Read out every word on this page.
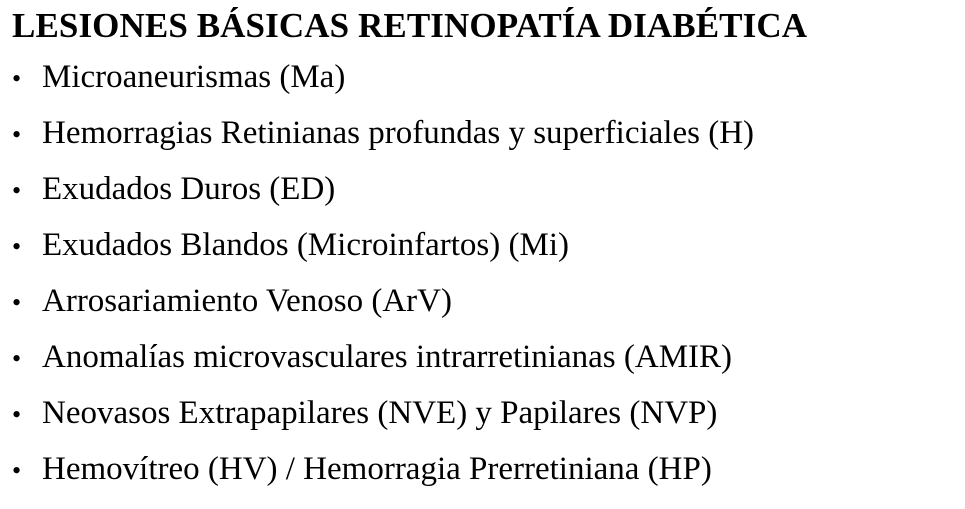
LESIONES BÁSICAS RETINOPATÍA DIABÉTICA
• Microaneurismas (Ma)
• Hemorragias Retinianas profundas y superficiales (H)
• Exudados Duros (ED)
• Exudados Blandos (Microinfartos) (Mi)
• Arrosariamiento Venoso (ArV)
• Anomalías microvasculares intrarretinianas (AMIR)
• Neovasos Extrapapilares (NVE) y Papilares (NVP)
• Hemovítreo (HV) / Hemorragia Prerretiniana (HP)
